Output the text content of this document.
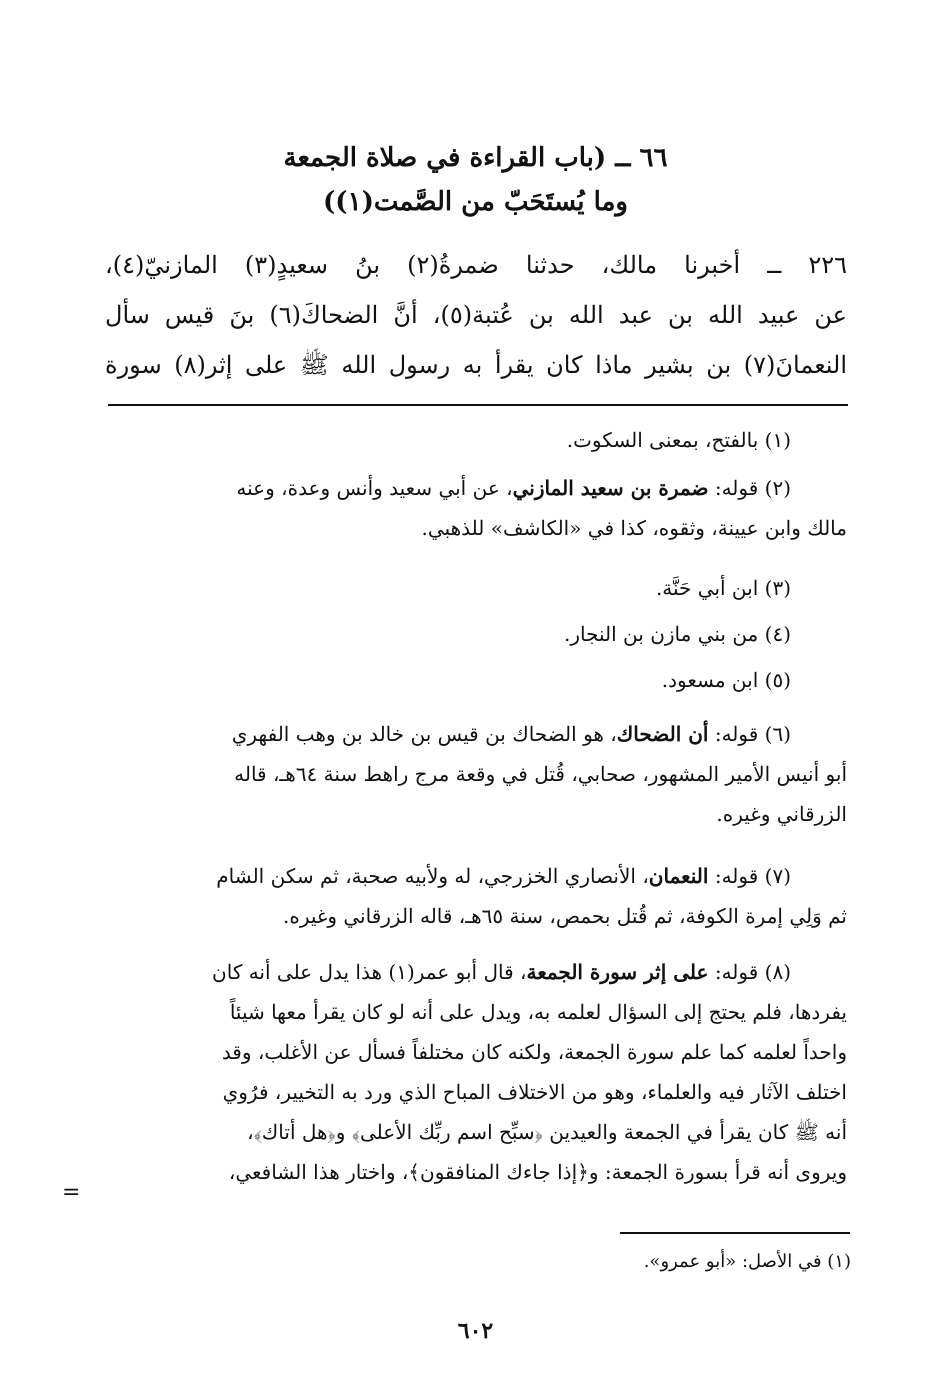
٦٦ ــ (باب القراءة في صلاة الجمعة
وما يُستَحَبّ من الصَّمت(١))
٢٢٦ ــ أخبرنا مالك، حدثنا ضمرةُ(٢) بنُ سعيدٍ(٣) المازنيّ(٤)،
عن عبيد الله بن عبد الله بن عُتبة(٥)، أنَّ الضحاكَ(٦) بنَ قيس سأل
النعمانَ(٧) بن بشير ماذا كان يقرأ به رسول الله ﷺ على إثر(٨) سورة
(١) بالفتح، بمعنى السكوت.
(٢) قوله: ضمرة بن سعيد المازني، عن أبي سعيد وأنس وعدة، وعنه
مالك وابن عيينة، وثقوه، كذا في «الكاشف» للذهبي.
(٣) ابن أبي حَنَّة.
(٤) من بني مازن بن النجار.
(٥) ابن مسعود.
(٦) قوله: أن الضحاك، هو الضحاك بن قيس بن خالد بن وهب الفهري
أبو أنيس الأمير المشهور، صحابي، قُتل في وقعة مرج راهط سنة ٦٤هـ، قاله
الزرقاني وغيره.
(٧) قوله: النعمان، الأنصاري الخزرجي، له ولأبيه صحبة، ثم سكن الشام
ثم وَلِي إمرة الكوفة، ثم قُتل بحمص، سنة ٦٥هـ، قاله الزرقاني وغيره.
(٨) قوله: على إثر سورة الجمعة، قال أبو عمر(١) هذا يدل على أنه كان
يفردها، فلم يحتج إلى السؤال لعلمه به، ويدل على أنه لو كان يقرأ معها شيئاً
واحداً لعلمه كما علم سورة الجمعة، ولكنه كان مختلفاً فسأل عن الأغلب، وقد
اختلف الآثار فيه والعلماء، وهو من الاختلاف المباح الذي ورد به التخيير، فرُوي
أنه ﷺ كان يقرأ في الجمعة والعيدين ﴿سبِّح اسم ربِّك الأعلى﴾ و﴿هل أتاك﴾،
ويروى أنه قرأ بسورة الجمعة: و﴿إذا جاءك المنافقون﴾، واختار هذا الشافعي،
=
(١) في الأصل: «أبو عمرو».
٦٠٢
